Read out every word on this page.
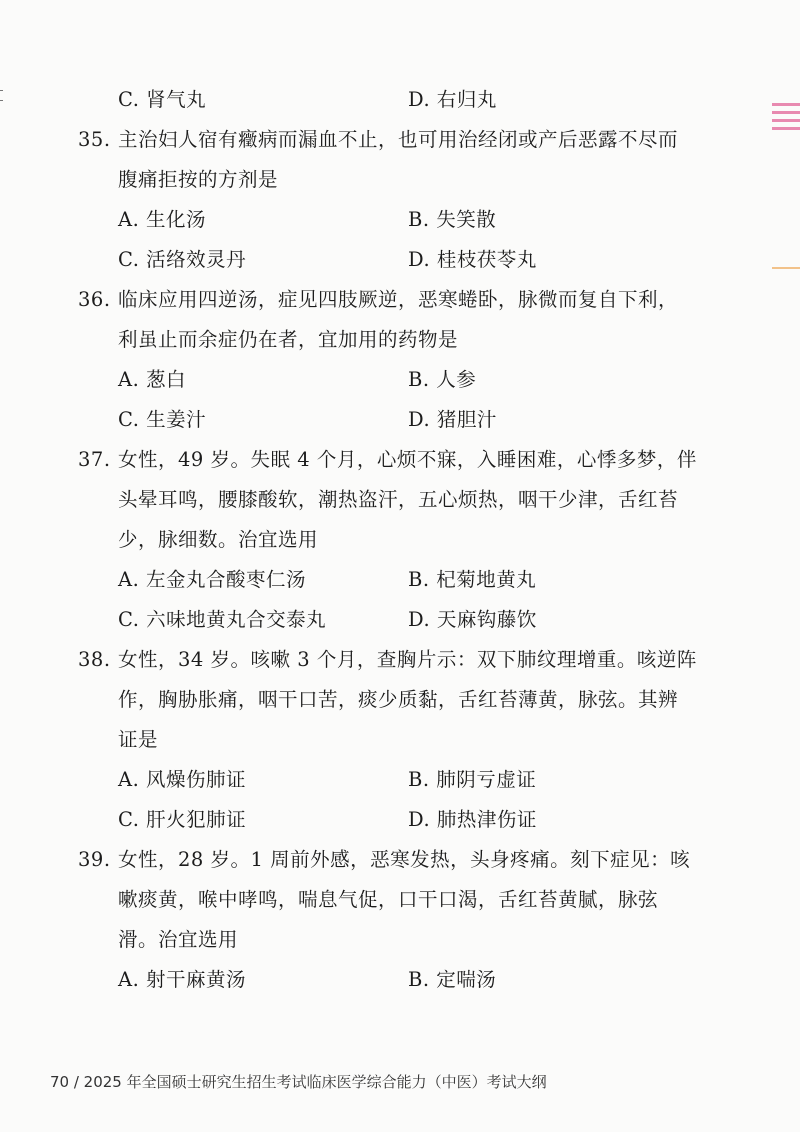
C. 肾气丸	D. 右归丸
35. 主治妇人宿有癥病而漏血不止，也可用治经闭或产后恶露不尽而
腹痛拒按的方剂是
A. 生化汤	B. 失笑散
C. 活络效灵丹	D. 桂枝茯苓丸
36. 临床应用四逆汤，症见四肢厥逆，恶寒蜷卧，脉微而复自下利，
利虽止而余症仍在者，宜加用的药物是
A. 葱白	B. 人参
C. 生姜汁	D. 猪胆汁
37. 女性，49 岁。失眠 4 个月，心烦不寐，入睡困难，心悸多梦，伴
头晕耳鸣，腰膝酸软，潮热盗汗，五心烦热，咽干少津，舌红苔
少，脉细数。治宜选用
A. 左金丸合酸枣仁汤	B. 杞菊地黄丸
C. 六味地黄丸合交泰丸	D. 天麻钩藤饮
38. 女性，34 岁。咳嗽 3 个月，查胸片示：双下肺纹理增重。咳逆阵
作，胸胁胀痛，咽干口苦，痰少质黏，舌红苔薄黄，脉弦。其辨
证是
A. 风燥伤肺证	B. 肺阴亏虚证
C. 肝火犯肺证	D. 肺热津伤证
39. 女性，28 岁。1 周前外感，恶寒发热，头身疼痛。刻下症见：咳
嗽痰黄，喉中哮鸣，喘息气促，口干口渴，舌红苔黄腻，脉弦
滑。治宜选用
A. 射干麻黄汤	B. 定喘汤
70 / 2025 年全国硕士研究生招生考试临床医学综合能力（中医）考试大纲
